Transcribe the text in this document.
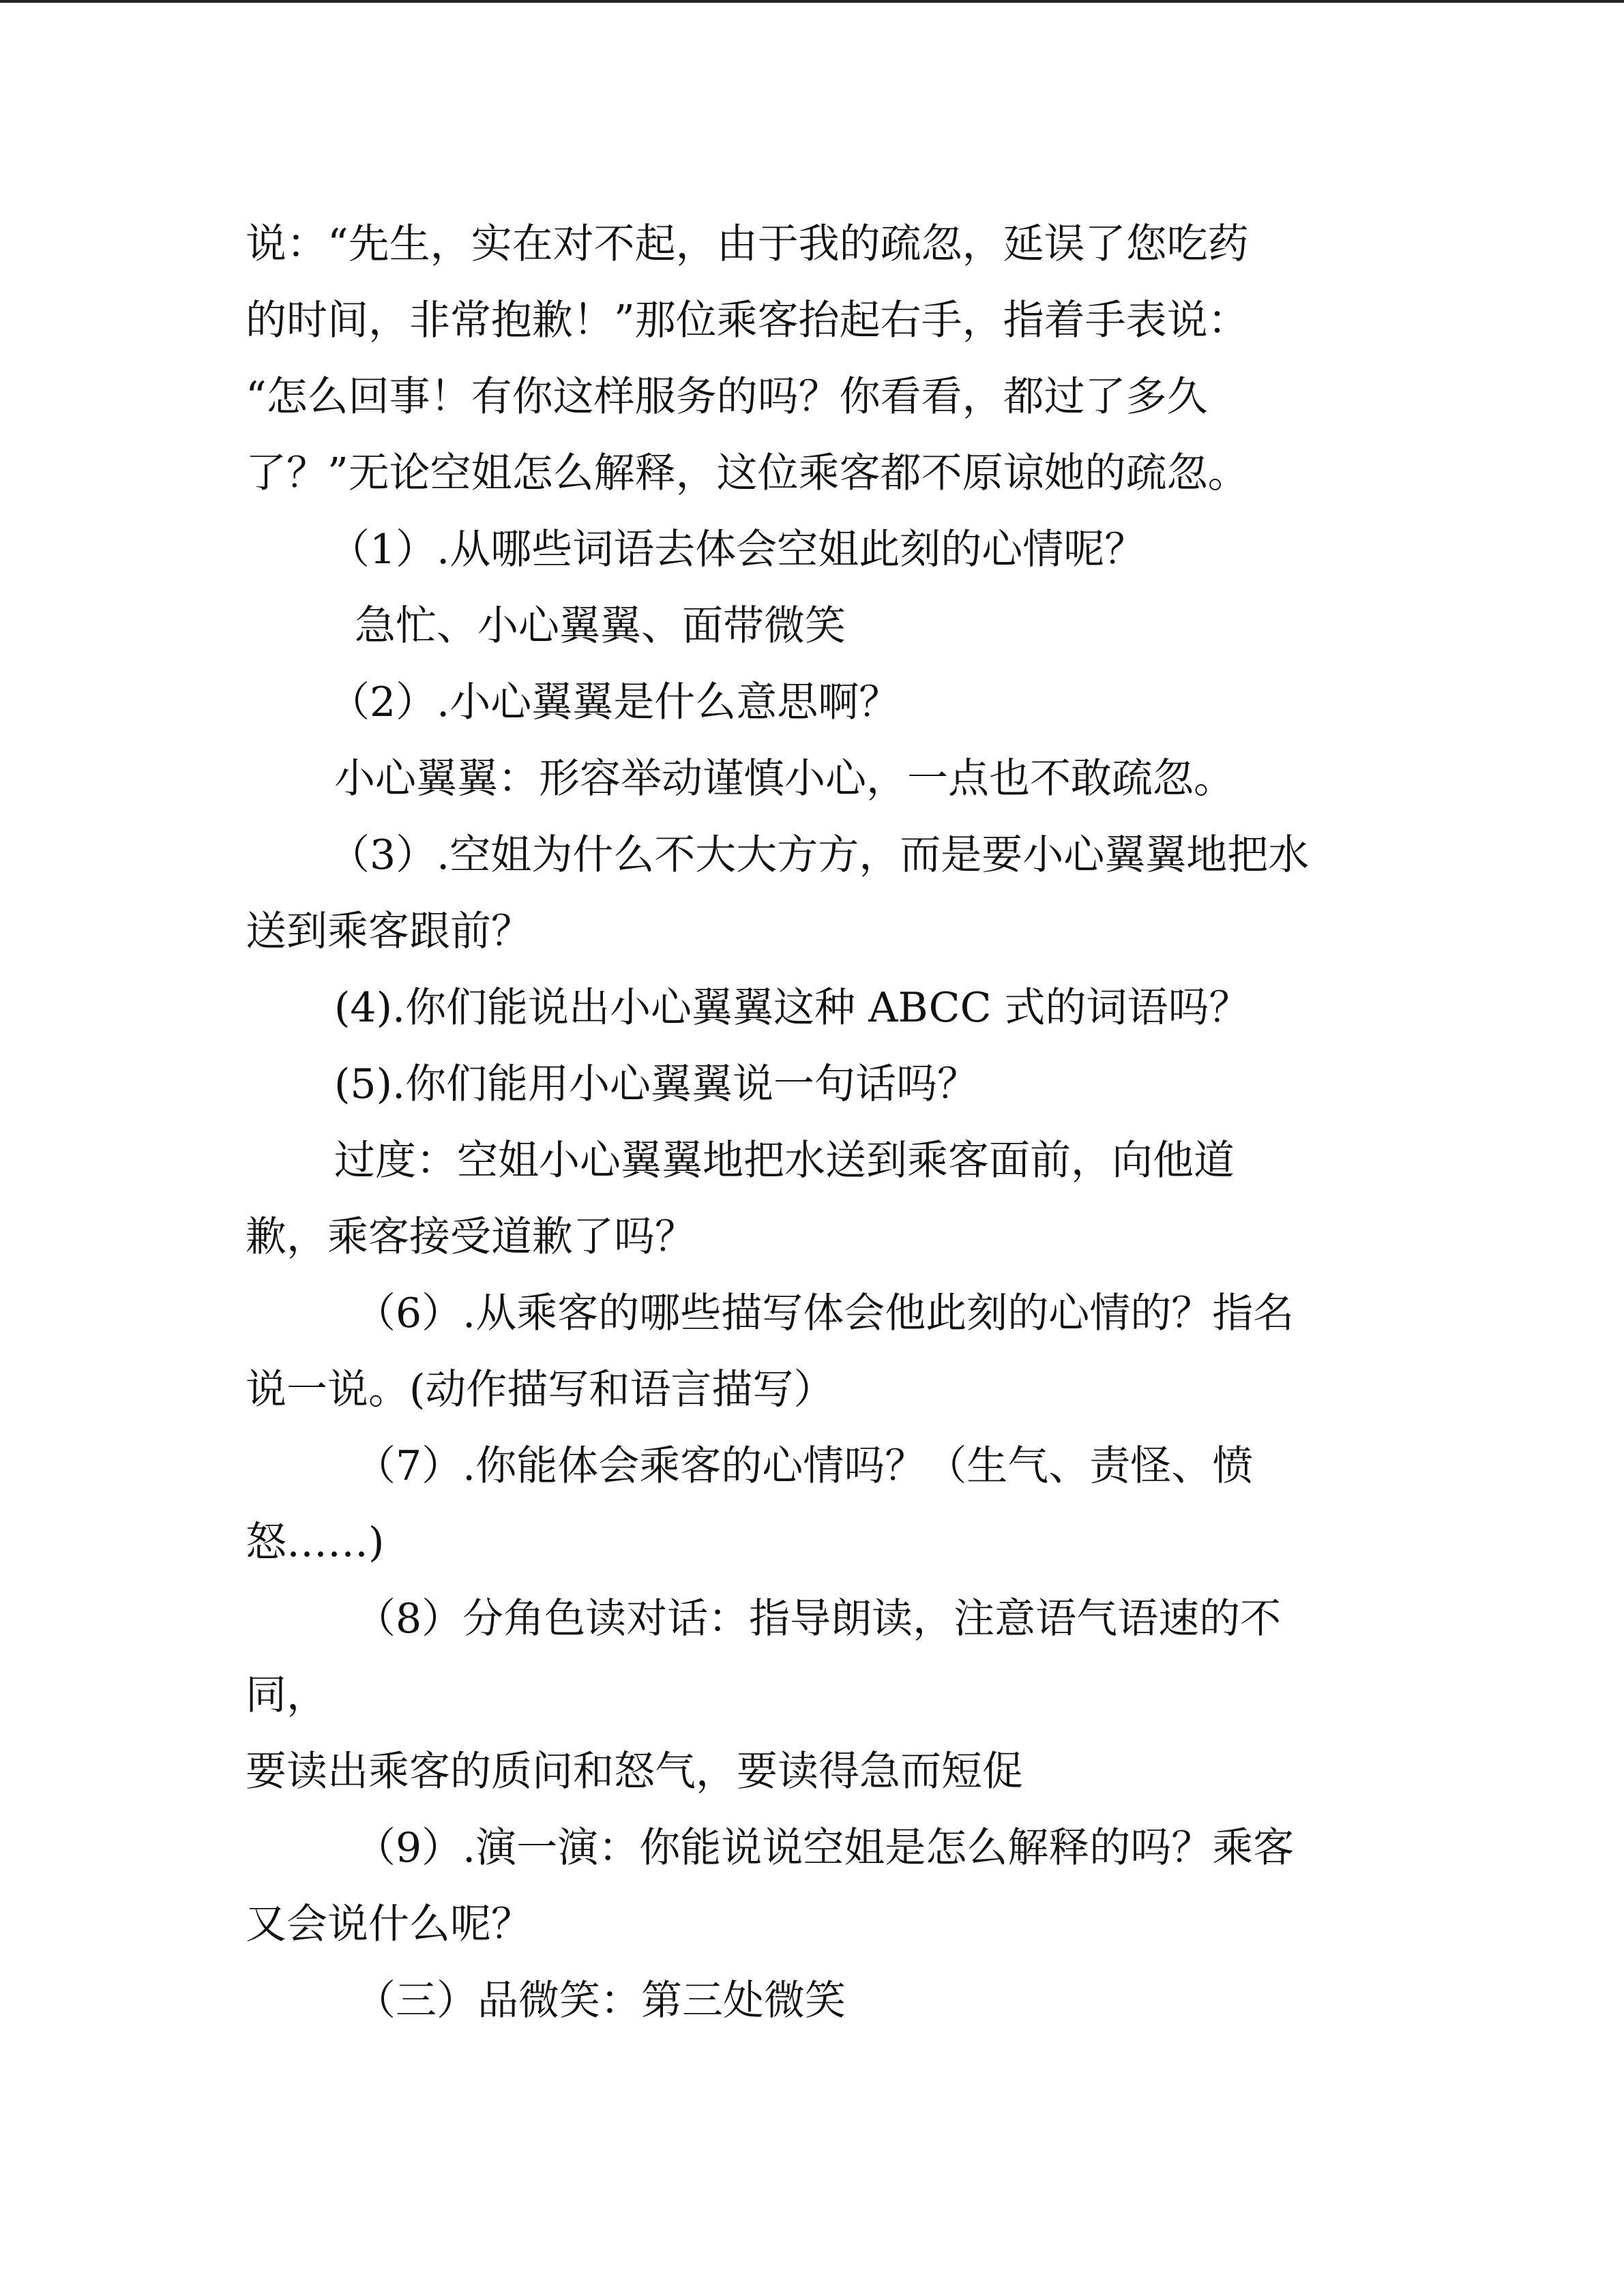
说：“先生，实在对不起，由于我的疏忽，延误了您吃药
的时间，非常抱歉！”那位乘客抬起右手，指着手表说：
“怎么回事！有你这样服务的吗？你看看，都过了多久
了？”无论空姐怎么解释，这位乘客都不原谅她的疏忽。
（1）.从哪些词语去体会空姐此刻的心情呢？
急忙、小心翼翼、面带微笑
（2）.小心翼翼是什么意思啊？
小心翼翼：形容举动谨慎小心，一点也不敢疏忽。
（3）.空姐为什么不大大方方，而是要小心翼翼地把水
送到乘客跟前？
(4).你们能说出小心翼翼这种 ABCC 式的词语吗？
(5).你们能用小心翼翼说一句话吗？
过度：空姐小心翼翼地把水送到乘客面前，向他道
歉，乘客接受道歉了吗？
（6）.从乘客的哪些描写体会他此刻的心情的？指名
说一说。(动作描写和语言描写）
（7）.你能体会乘客的心情吗？（生气、责怪、愤
怒……)
（8）分角色读对话：指导朗读，注意语气语速的不
同，
要读出乘客的质问和怒气，要读得急而短促
（9）.演一演：你能说说空姐是怎么解释的吗？乘客
又会说什么呢？
（三）品微笑：第三处微笑
